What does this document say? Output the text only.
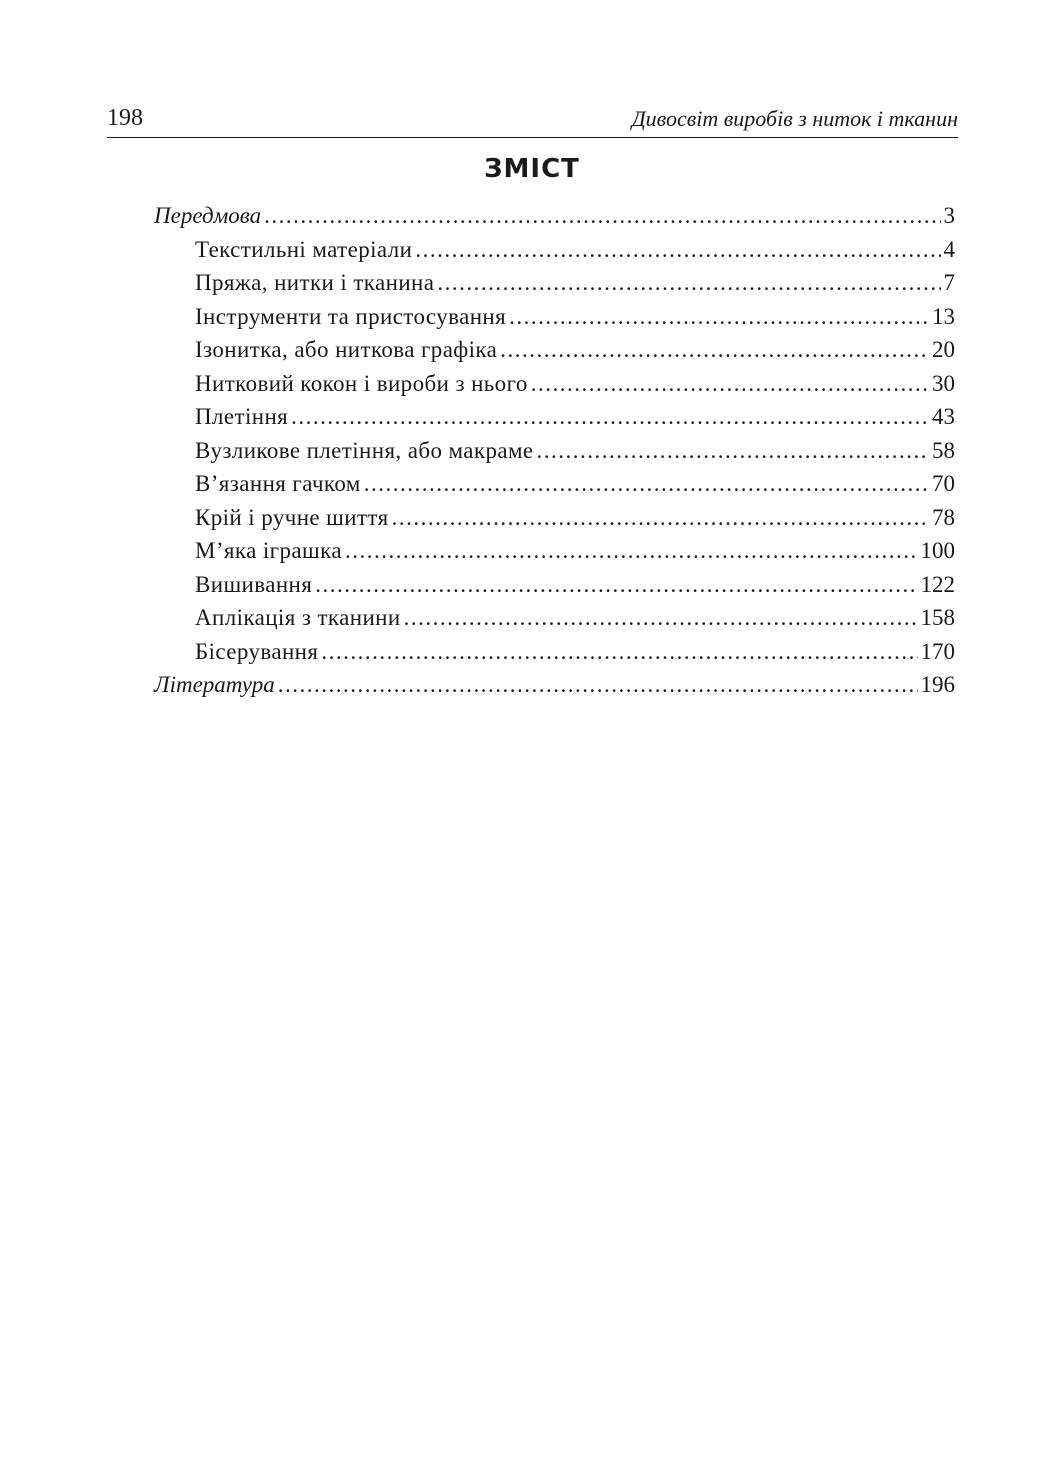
198	Дивосвіт виробів з ниток і тканин
ЗМІСТ
Передмова .....	3
Текстильні матеріали .....	4
Пряжа, нитки і тканина .....	7
Інструменти та пристосування .....	13
Ізонитка, або ниткова графіка .....	20
Нитковий кокон і вироби з нього .....	30
Плетіння .....	43
Вузликове плетіння, або макраме .....	58
В’язання гачком .....	70
Крій і ручне шиття .....	78
М’яка іграшка .....	100
Вишивання .....	122
Аплікація з тканини .....	158
Бісерування .....	170
Література .....	196
